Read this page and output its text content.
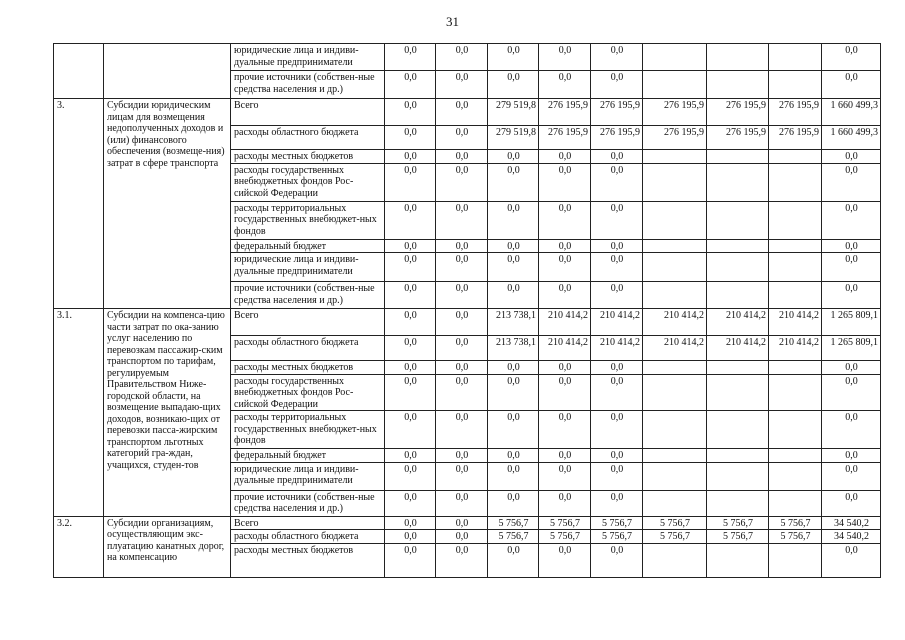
31
		юридические лица и индиви-дуальные предприниматели	0,0	0,0	0,0	0,0	0,0				0,0
		прочие источники (собствен-ные средства населения и др.)	0,0	0,0	0,0	0,0	0,0				0,0
3.	Субсидии юридическим лицам для возмещения недополученных доходов и (или) финансового обеспечения (возмеще-ния) затрат в сфере транспорта	Всего	0,0	0,0	279 519,8	276 195,9	276 195,9	276 195,9	276 195,9	276 195,9	1 660 499,3
		расходы областного бюджета	0,0	0,0	279 519,8	276 195,9	276 195,9	276 195,9	276 195,9	276 195,9	1 660 499,3
		расходы местных бюджетов	0,0	0,0	0,0	0,0	0,0				0,0
		расходы государственных внебюджетных фондов Рос-сийской Федерации	0,0	0,0	0,0	0,0	0,0				0,0
		расходы территориальных государственных внебюджет-ных фондов	0,0	0,0	0,0	0,0	0,0				0,0
		федеральный бюджет	0,0	0,0	0,0	0,0	0,0				0,0
		юридические лица и индиви-дуальные предприниматели	0,0	0,0	0,0	0,0	0,0				0,0
		прочие источники (собствен-ные средства населения и др.)	0,0	0,0	0,0	0,0	0,0				0,0
3.1.	Субсидии на компенса-цию части затрат по ока-занию услуг населению по перевозкам пассажир-ским транспортом по тарифам, регулируемым Правительством Ниже-городской области, на возмещение выпадаю-щих доходов, возникаю-щих от перевозки пасса-жирским транспортом льготных категорий гра-ждан, учащихся, студен-тов	Всего	0,0	0,0	213 738,1	210 414,2	210 414,2	210 414,2	210 414,2	210 414,2	1 265 809,1
		расходы областного бюджета	0,0	0,0	213 738,1	210 414,2	210 414,2	210 414,2	210 414,2	210 414,2	1 265 809,1
		расходы местных бюджетов	0,0	0,0	0,0	0,0	0,0				0,0
		расходы государственных внебюджетных фондов Рос-сийской Федерации	0,0	0,0	0,0	0,0	0,0				0,0
		расходы территориальных государственных внебюджет-ных фондов	0,0	0,0	0,0	0,0	0,0				0,0
		федеральный бюджет	0,0	0,0	0,0	0,0	0,0				0,0
		юридические лица и индиви-дуальные предприниматели	0,0	0,0	0,0	0,0	0,0				0,0
		прочие источники (собствен-ные средства населения и др.)	0,0	0,0	0,0	0,0	0,0				0,0
3.2.	Субсидии организациям, осуществляющим экс-плуатацию канатных дорог, на компенсацию	Всего	0,0	0,0	5 756,7	5 756,7	5 756,7	5 756,7	5 756,7	5 756,7	34 540,2
		расходы областного бюджета	0,0	0,0	5 756,7	5 756,7	5 756,7	5 756,7	5 756,7	5 756,7	34 540,2
		расходы местных бюджетов	0,0	0,0	0,0	0,0	0,0				0,0
